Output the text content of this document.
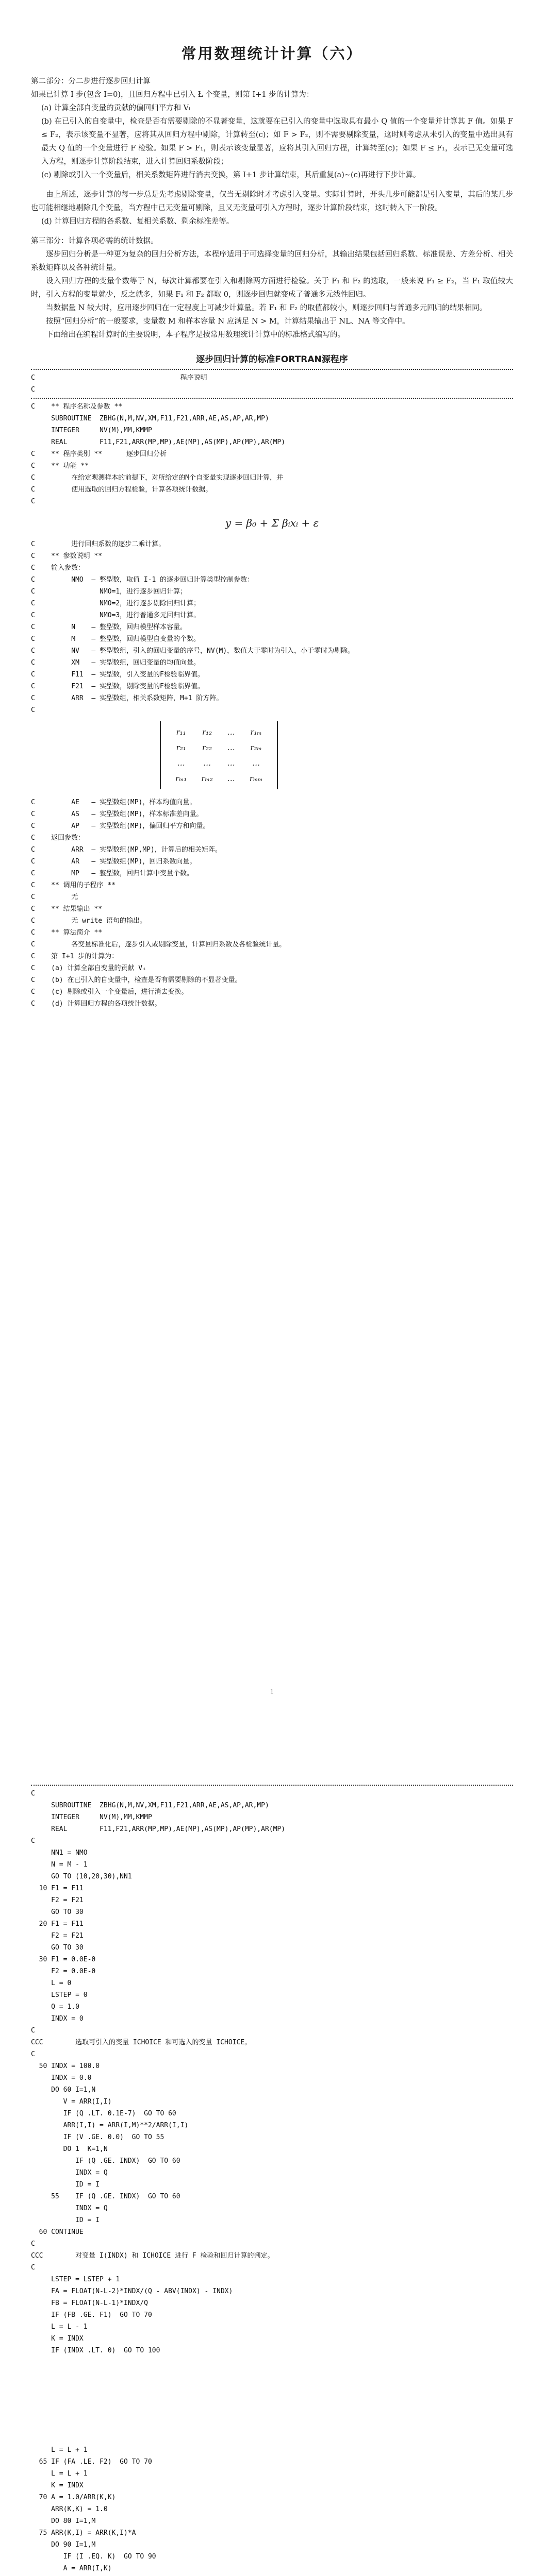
常用数理统计计算（六）

第二部分：分二步进行逐步回归计算

如果已计算 I 步(包含 I=0)，且回归方程中已引入 Ł 个变量，则第 I+1 步的计算为：

(a) 计算全部自变量的贡献的偏回归平方和 Vᵢ

(b) 在已引入的自变量中，检查是否有需要剔除的不显著变量，这就要在已引入的变量中选取具有最小 Q 值的一个变量并计算其 F 值。如果 F ≤ F₂，表示该变量不显著，应将其从回归方程中剔除，计算转至(c)；如 F > F₂，则不需要剔除变量，这时则考虑从未引入的变量中选出具有最大 Q 值的一个变量进行 F 检验。如果 F > F₁，则表示该变量显著，应将其引入回归方程，计算转至(c)；如果 F ≤ F₁，表示已无变量可选入方程，则逐步计算阶段结束，进入计算回归系数阶段；

(c) 剔除或引入一个变量后，相关系数矩阵进行消去变换，第 I+1 步计算结束，其后重复(a)~(c)再进行下步计算。

由上所述，逐步计算的每一步总是先考虑剔除变量，仅当无剔除时才考虑引入变量。实际计算时，开头几步可能都是引入变量，其后的某几步也可能相继地剔除几个变量，当方程中已无变量可剔除，且又无变量可引入方程时，逐步计算阶段结束，这时转入下一阶段。

(d) 计算回归方程的各系数、复相关系数、剩余标准差等。

第三部分：计算各项必需的统计数据。

逐步回归分析是一种更为复杂的回归分析方法，本程序适用于可选择变量的回归分析，其输出结果包括回归系数、标准误差、方差分析、相关系数矩阵以及各种统计量。

设入回归方程的变量个数等于 N，每次计算都要在引入和剔除两方面进行检验。关于 F₁ 和 F₂ 的选取，一般来说 F₁ ≥ F₂，当 F₁ 取值较大时，引入方程的变量就少，反之就多，如果 F₁ 和 F₂ 都取 0，则逐步回归就变成了普通多元线性回归。

当数据量 N 较大时，应用逐步回归在一定程度上可减少计算量。若 F₁ 和 F₂ 的取值都较小，则逐步回归与普通多元回归的结果相同。

按照“回归分析”的一般要求，变量数 M 和样本容量 N 应满足 N > M，计算结果输出于 NL、NA 等文件中。

下面给出在编程计算时的主要说明，本子程序是按常用数理统计计算中的标准格式编写的。

逐步回归计算的标准FORTRAN源程序
C                                    程序说明
C
C    ** 程序名称及参数 **
SUBROUTINE  ZBHG(N,M,NV,XM,F11,F21,ARR,AE,AS,AP,AR,MP)
INTEGER     NV(M),MM,KMMP
REAL        F11,F21,ARR(MP,MP),AE(MP),AS(MP),AP(MP),AR(MP)
C    ** 程序类别 **      逐步回归分析
C    ** 功能 **
C         在给定观测样本的前提下，对所给定的M个自变量实现逐步回归计算，并
C         使用选取的回归方程检验，计算各项统计数据。
C
y = β₀ + Σ βᵢxᵢ + ε
C         进行回归系数的逐步二乘计算。
C    ** 参数说明 **
C    输入参数：
C         NMO  — 整型数，取值 I-1 的逐步回归计算类型控制参数：
C                NMO=1，进行逐步回归计算；
C                NMO=2，进行逐步剔除回归计算；
C                NMO=3，进行普通多元回归计算。
C         N    — 整型数，回归模型样本容量。
C         M    — 整型数，回归模型自变量的个数。
C         NV   — 整型数组，引入的回归变量的序号，NV(M)，数值大于零时为引入，小于零时为剔除。
C         XM   — 实型数组，回归变量的均值向量。
C         F11  — 实型数，引入变量的F检验临界值。
C         F21  — 实型数，剔除变量的F检验临界值。
C         ARR  — 实型数组，相关系数矩阵，M+1 阶方阵。
C
r₁₁	r₁₂	…	r₁ₘ
r₂₁	r₂₂	…	r₂ₘ
…	…	…	…
rₘ₁	rₘ₂	…	rₘₘ
C         AE   — 实型数组(MP)，样本均值向量。
C         AS   — 实型数组(MP)，样本标准差向量。
C         AP   — 实型数组(MP)，偏回归平方和向量。
C    返回参数：
C         ARR  — 实型数组(MP,MP)，计算后的相关矩阵。
C         AR   — 实型数组(MP)，回归系数向量。
C         MP   — 整型数，回归计算中变量个数。
C    ** 调用的子程序 **
C         无
C    ** 结果输出 **
C         无 write 语句的输出。
C    ** 算法简介 **
C         各变量标准化后，逐步引入或剔除变量，计算回归系数及各检验统计量。
C    第 I+1 步的计算为：
C    (a) 计算全部自变量的贡献 Vᵢ
C    (b) 在已引入的自变量中，检查是否有需要剔除的不显著变量。
C    (c) 剔除或引入一个变量后，进行消去变换。
C    (d) 计算回归方程的各项统计数据。
1
C
SUBROUTINE  ZBHG(N,M,NV,XM,F11,F21,ARR,AE,AS,AP,AR,MP)
INTEGER     NV(M),MM,KMMP
REAL        F11,F21,ARR(MP,MP),AE(MP),AS(MP),AP(MP),AR(MP)
C
NN1 = NMO
N = M - 1
GO TO (10,20,30),NN1
10 F1 = F11
F2 = F21
GO TO 30
20 F1 = F11
F2 = F21
GO TO 30
30 F1 = 0.0E-0
F2 = 0.0E-0
L = 0
LSTEP = 0
Q = 1.0
INDX = 0
C
CCC        选取可引入的变量 ICHOICE 和可选入的变量 ICHOICE。
C
50 INDX = 100.0
INDX = 0.0
DO 60 I=1,N
V = ARR(I,I)
IF (Q .LT. 0.1E-7)  GO TO 60
ARR(I,I) = ARR(I,M)**2/ARR(I,I)
IF (V .GE. 0.0)  GO TO 55
DO 1  K=1,N
IF (Q .GE. INDX)  GO TO 60
INDX = Q
ID = I
55    IF (Q .GE. INDX)  GO TO 60
INDX = Q
ID = I
60 CONTINUE
C
CCC        对变量 I(INDX) 和 ICHOICE 进行 F 检验和回归计算的判定。
C
LSTEP = LSTEP + 1
FA = FLOAT(N-L-2)*INDX/(Q - ABV(INDX) - INDX)
FB = FLOAT(N-L-1)*INDX/Q
IF (FB .GE. F1)  GO TO 70
L = L - 1
K = INDX
IF (INDX .LT. 0)  GO TO 100
L = L + 1
65 IF (FA .LE. F2)  GO TO 70
L = L + 1
K = INDX
70 A = 1.0/ARR(K,K)
ARR(K,K) = 1.0
DO 80 I=1,M
75 ARR(K,I) = ARR(K,I)*A
DO 90 I=1,M
IF (I .EQ. K)  GO TO 90
A = ARR(I,K)
